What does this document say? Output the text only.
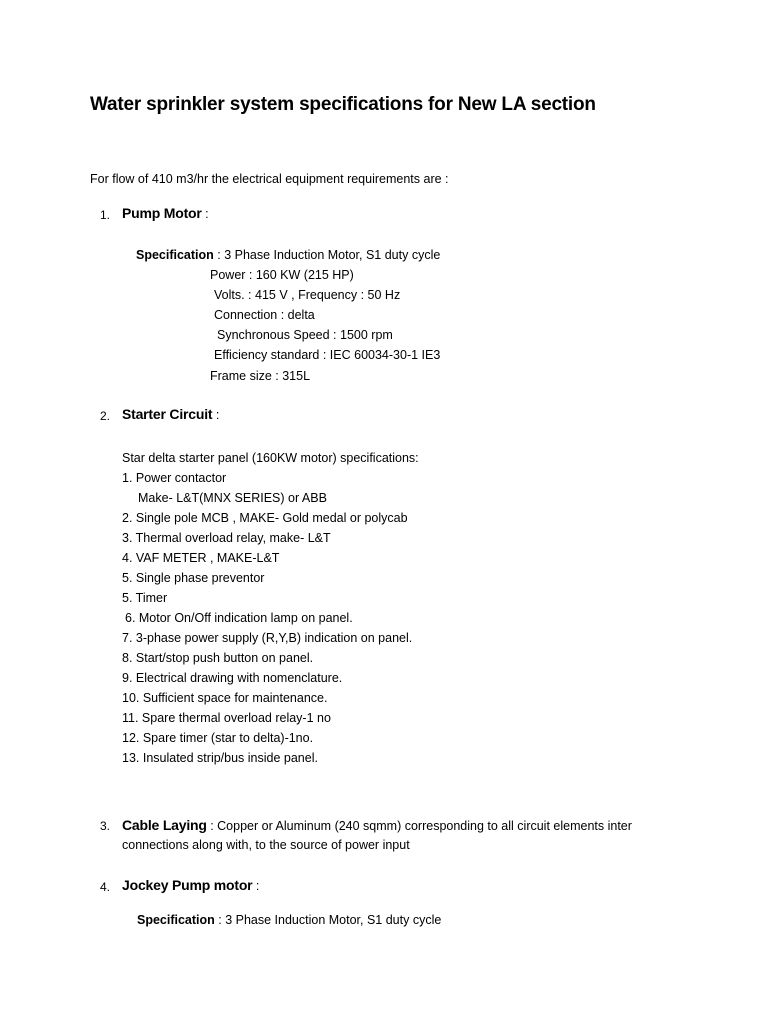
Water sprinkler system specifications for New LA section
For flow of 410 m3/hr the electrical equipment requirements are :
1. Pump Motor :
Specification : 3 Phase Induction Motor, S1 duty cycle
Power : 160 KW (215 HP)
Volts. : 415 V , Frequency : 50 Hz
Connection : delta
Synchronous Speed : 1500 rpm
Efficiency standard : IEC 60034-30-1 IE3
Frame size : 315L
2. Starter Circuit :
Star delta starter panel (160KW motor) specifications:
1. Power contactor
Make- L&T(MNX SERIES) or ABB
2. Single pole MCB , MAKE- Gold medal or polycab
3. Thermal overload relay, make- L&T
4. VAF METER , MAKE-L&T
5. Single phase preventor
5. Timer
6. Motor On/Off indication lamp on panel.
7. 3-phase power supply (R,Y,B) indication on panel.
8. Start/stop push button on panel.
9. Electrical drawing with nomenclature.
10. Sufficient space for maintenance.
11. Spare thermal overload relay-1 no
12. Spare timer (star to delta)-1no.
13. Insulated strip/bus inside panel.
3. Cable Laying : Copper or Aluminum (240 sqmm) corresponding to all circuit elements inter
connections along with, to the source of power input
4. Jockey Pump motor :
Specification : 3 Phase Induction Motor, S1 duty cycle
